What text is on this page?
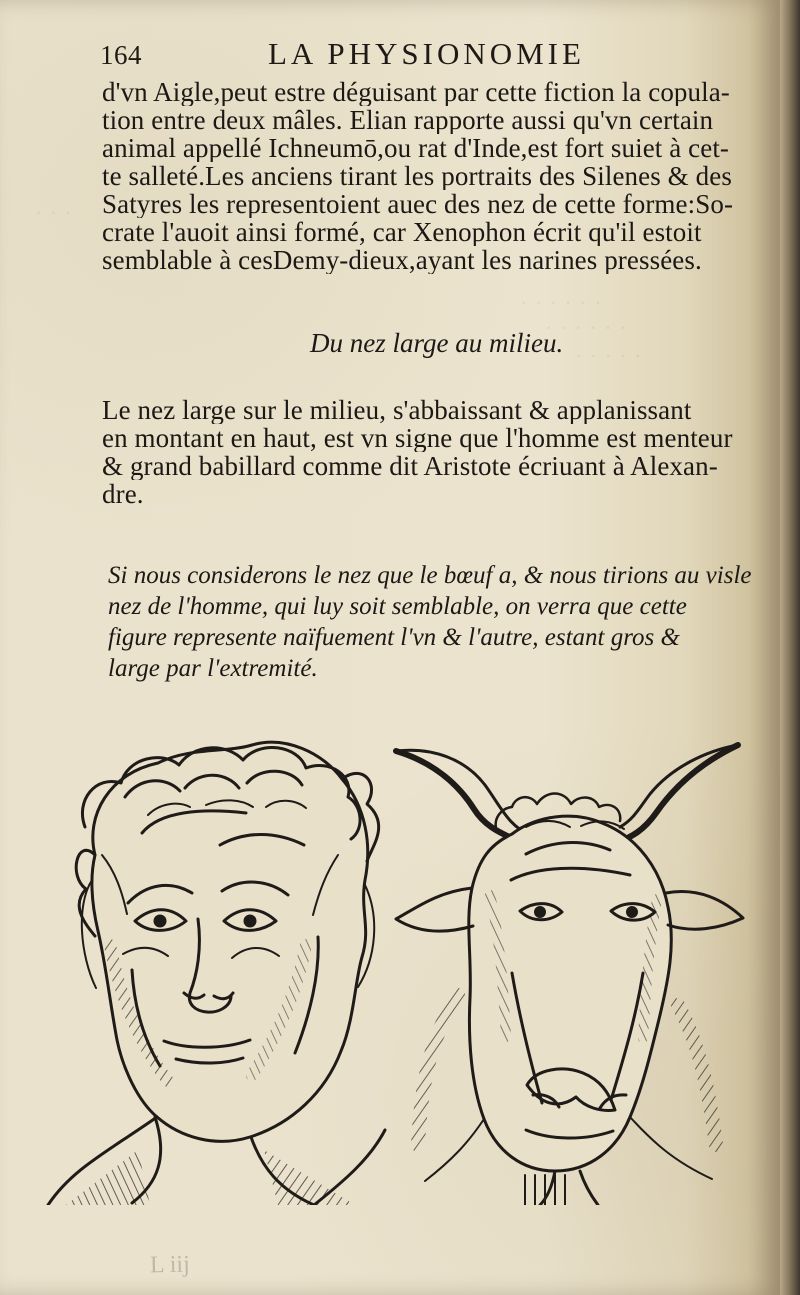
· · · · · ·
· · · · · ·
· · · · ·
· · ·
164	LA PHYSIONOMIE
d'vn Aigle,peut estre déguisant par cette fiction la copula-
tion entre deux mâles. Elian rapporte aussi qu'vn certain
animal appellé Ichneumō,ou rat d'Inde,est fort suiet à cet-
te salleté.Les anciens tirant les portraits des Silenes & des
Satyres les representoient auec des nez de cette forme:So-
crate l'auoit ainsi formé, car Xenophon écrit qu'il estoit
semblable à cesDemy-dieux,ayant les narines pressées.
Du nez large au milieu.
Le nez large sur le milieu, s'abbaissant & applanissant
en montant en haut, est vn signe que l'homme est menteur
& grand babillard comme dit Aristote écriuant à Alexan-
dre.
Si nous considerons le nez que le bœuf a, & nous tirions au visle
nez de l'homme, qui luy soit semblable, on verra que cette
figure represente naïfuement l'vn & l'autre, estant gros &
large par l'extremité.
L iij
